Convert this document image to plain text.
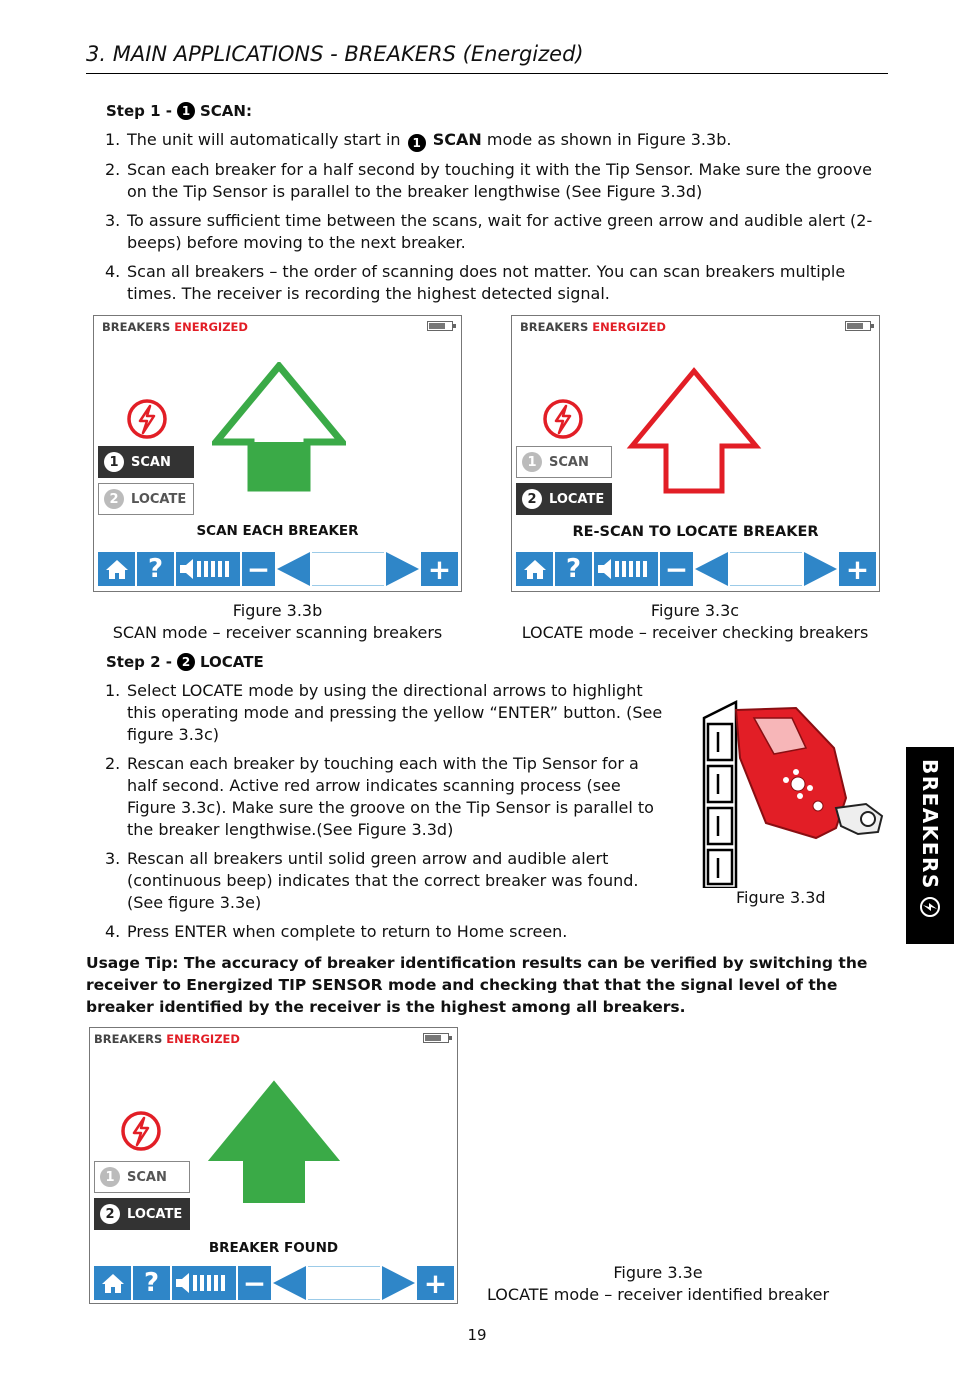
3. MAIN APPLICATIONS - BREAKERS (Energized)
Step 1 - 1 SCAN:
1. The unit will automatically start in 1 SCAN mode as shown in Figure 3.3b.
2. Scan each breaker for a half second by touching it with the Tip Sensor. Make sure the groove on the Tip Sensor is parallel to the breaker lengthwise (See Figure 3.3d)
3. To assure sufficient time between the scans, wait for active green arrow and audible alert (2-beeps) before moving to the next breaker.
4. Scan all breakers – the order of scanning does not matter. You can scan breakers multiple times. The receiver is recording the highest detected signal.
BREAKERS ENERGIZED
1 SCAN
2 LOCATE
SCAN EACH BREAKER
?	−	+
BREAKERS ENERGIZED
1 SCAN
2 LOCATE
RE-SCAN TO LOCATE BREAKER
?	−	+
Figure 3.3b
SCAN mode – receiver scanning breakers
Figure 3.3c
LOCATE mode – receiver checking breakers
Step 2 - 2 LOCATE
1. Select LOCATE mode by using the directional arrows to highlight this operating mode and pressing the yellow “ENTER” button. (See figure 3.3c)
2. Rescan each breaker by touching each with the Tip Sensor for a half second. Active red arrow indicates scanning process (see Figure 3.3c). Make sure the groove on the Tip Sensor is parallel to the breaker lengthwise.(See Figure 3.3d)
3. Rescan all breakers until solid green arrow and audible alert (continuous beep) indicates that the correct breaker was found. (See figure 3.3e)
4. Press ENTER when complete to return to Home screen.
Figure 3.3d
Usage Tip: The accuracy of breaker identification results can be verified by switching the receiver to Energized TIP SENSOR mode and checking that that the signal level of the breaker identified by the receiver is the highest among all breakers.
BREAKERS ENERGIZED
1 SCAN
2 LOCATE
BREAKER FOUND
?	−	+	Figure 3.3e
LOCATE mode – receiver identified breaker
BREAKERS
19
